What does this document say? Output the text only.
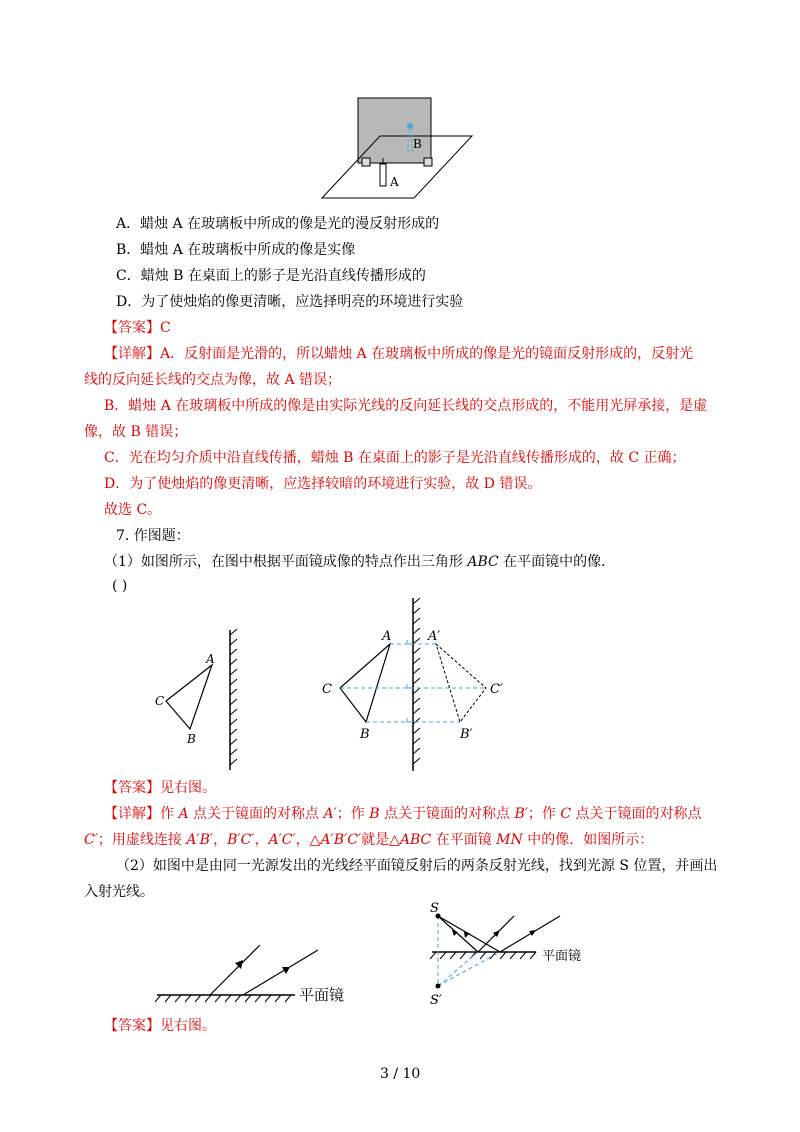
B
A
A．蜡烛 A 在玻璃板中所成的像是光的漫反射形成的
B．蜡烛 A 在玻璃板中所成的像是实像
C．蜡烛 B 在桌面上的影子是光沿直线传播形成的
D．为了使烛焰的像更清晰，应选择明亮的环境进行实验
【答案】C
【详解】A．反射面是光滑的，所以蜡烛 A 在玻璃板中所成的像是光的镜面反射形成的，反射光
线的反向延长线的交点为像，故 A 错误；
B．蜡烛 A 在玻璃板中所成的像是由实际光线的反向延长线的交点形成的，不能用光屏承接，是虚
像，故 B 错误；
C．光在均匀介质中沿直线传播，蜡烛 B 在桌面上的影子是光沿直线传播形成的，故 C 正确；
D．为了使烛焰的像更清晰，应选择较暗的环境进行实验，故 D 错误。
故选 C。
7. 作图题：
（1）如图所示，在图中根据平面镜成像的特点作出三角形 ABC 在平面镜中的像．
( )
A
C
B
A	A′
C	C′
B	B′
【答案】见右图。
【详解】作 A 点关于镜面的对称点 A′；作 B 点关于镜面的对称点 B′；作 C 点关于镜面的对称点
C′；用虚线连接 A′B′，B′C′，A′C′，△A′B′C′就是△ABC 在平面镜 MN 中的像．如图所示：
（2）如图中是由同一光源发出的光线经平面镜反射后的两条反射光线，找到光源 S 位置，并画出
入射光线。
平面镜
S
S′
平面镜
【答案】见右图。
3 / 10
